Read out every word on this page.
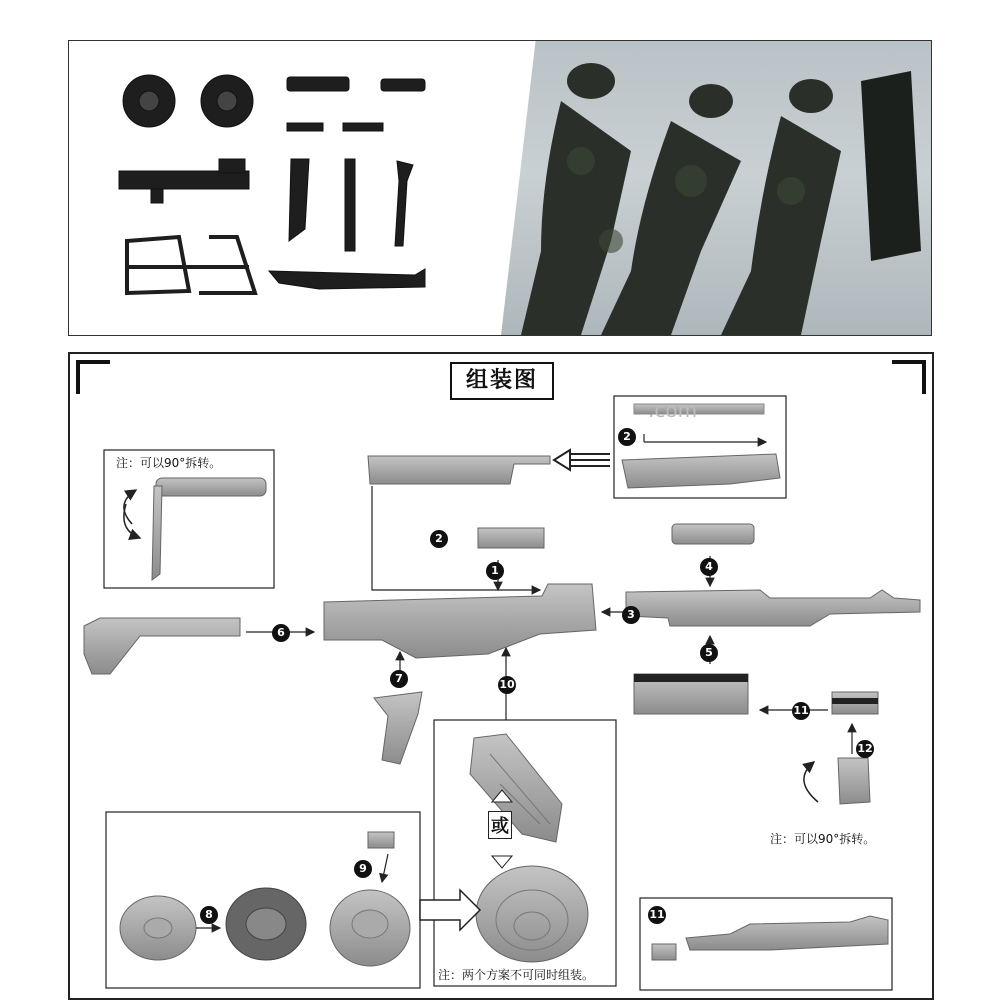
组装图
注：可以90°拆转。
注：可以90°拆转。
或
注：两个方案不可同时组装。
.com
1
2
2
3
4
5
6
7
8
9
10
11
11
12
